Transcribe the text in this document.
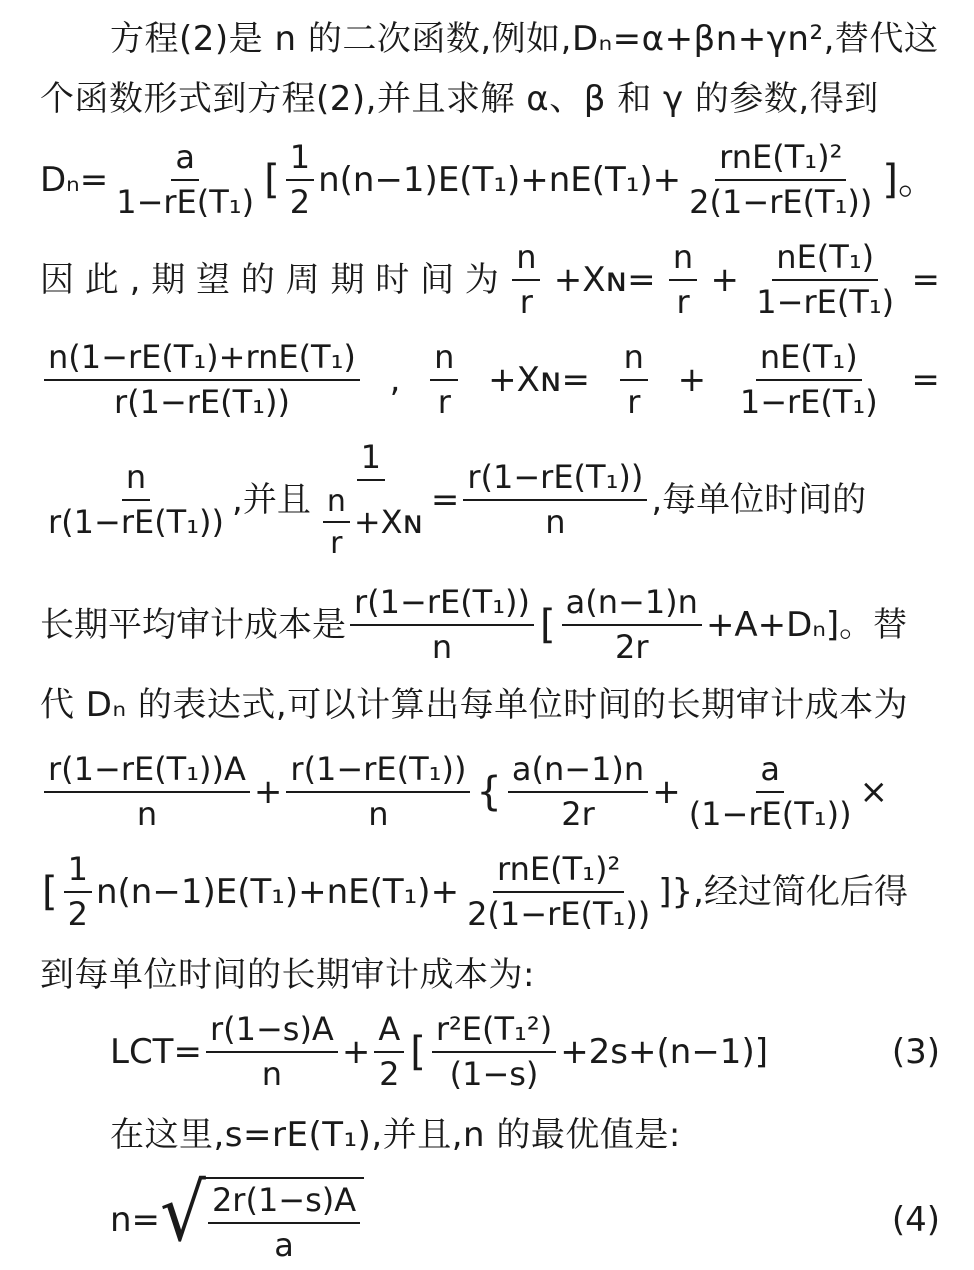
方程(2)是 n 的二次函数,例如,Dₙ=α+βn+γn²,替代这
个函数形式到方程(2),并且求解 α、β 和 γ 的参数,得到
$D_n= \frac{a}{\text{1−rE(T₁)}}$ [ $\frac{1}{2} n(n-1)E(T_1)+nE(T_1)+ \frac{\text{rnE(T₁)²}}{\text{2(1−rE(T₁))}}$ ]。
因 此 , 期 望 的 周 期 时 间 为 $\frac{n}{r}$ +Xɴ= $\frac{n}{r} + \frac{\text{nE(T₁)}}{\text{1−rE(T₁)}}$ =
$\frac{\text{n(1−rE(T₁)+rnE(T₁)}}{\text{r(1−rE(T₁))}}$ , $\frac{n}{r}$ +Xɴ= $\frac{n}{r} + \frac{\text{nE(T₁)}}{\text{1−rE(T₁)}}$ =
$\frac{n}{\text{r(1−rE(T₁))}}$ ,并且 $\frac{1}{\frac{n}{r} +Xɴ} = \frac{\text{r(1−rE(T₁))}}{n}$ ,每单位时间的
长期平均审计成本是 $\frac{\text{r(1−rE(T₁))}}{n}$ [ $\frac{a(n-1)n}{2r} +A+D_n$]。替
代 Dₙ 的表达式,可以计算出每单位时间的长期审计成本为
$\frac{\text{r(1−rE(T₁))A}}{n} + \frac{\text{r(1−rE(T₁))}}{n}$ { $\frac{a(n-1)n}{2r} + \frac{a}{\text{(1−rE(T₁))}}$ ×
[ $\frac{1}{2} n(n-1)E(T_1)+nE(T_1)+ \frac{\text{rnE(T₁)²}}{\text{2(1−rE(T₁))}}$ ]},经过简化后得
到每单位时间的长期审计成本为:
$LCT= \frac{r(1-s)A}{n} + \frac{A}{2}$ [ $\frac{\text{r²E(T₁²)}}{(1-s)} +2s+(n-1)$]	(3)
在这里,s=rE(T₁),并且,n 的最优值是:
n= √ $\frac{2r(1-s)A}{a}$	(4)
